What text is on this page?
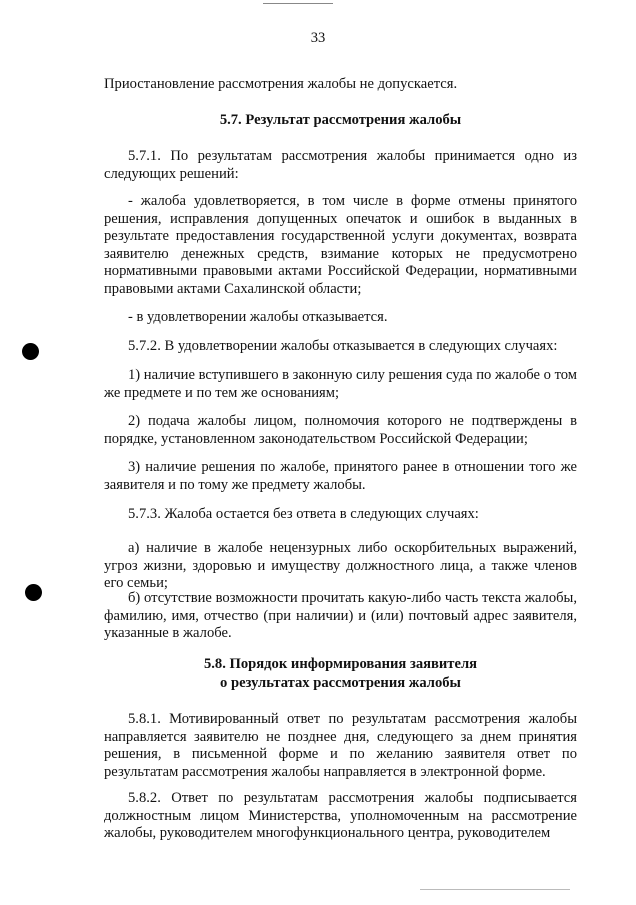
33
Приостановление рассмотрения жалобы не допускается.
5.7. Результат рассмотрения жалобы
5.7.1. По результатам рассмотрения жалобы принимается одно из следующих решений:
- жалоба удовлетворяется, в том числе в форме отмены принятого решения, исправления допущенных опечаток и ошибок в выданных в результате предоставления государственной услуги документах, возврата заявителю денежных средств, взимание которых не предусмотрено нормативными правовыми актами Российской Федерации, нормативными правовыми актами Сахалинской области;
- в удовлетворении жалобы отказывается.
5.7.2. В удовлетворении жалобы отказывается в следующих случаях:
1) наличие вступившего в законную силу решения суда по жалобе о том же предмете и по тем же основаниям;
2) подача жалобы лицом, полномочия которого не подтверждены в порядке, установленном законодательством Российской Федерации;
3) наличие решения по жалобе, принятого ранее в отношении того же заявителя и по тому же предмету жалобы.
5.7.3. Жалоба остается без ответа в следующих случаях:
а) наличие в жалобе нецензурных либо оскорбительных выражений, угроз жизни, здоровью и имуществу должностного лица, а также членов его семьи;
б) отсутствие возможности прочитать какую-либо часть текста жалобы, фамилию, имя, отчество (при наличии) и (или) почтовый адрес заявителя, указанные в жалобе.
5.8. Порядок информирования заявителя
о результатах рассмотрения жалобы
5.8.1. Мотивированный ответ по результатам рассмотрения жалобы направляется заявителю не позднее дня, следующего за днем принятия решения, в письменной форме и по желанию заявителя ответ по результатам рассмотрения жалобы направляется в электронной форме.
5.8.2. Ответ по результатам рассмотрения жалобы подписывается должностным лицом Министерства, уполномоченным на рассмотрение жалобы, руководителем многофункционального центра, руководителем
